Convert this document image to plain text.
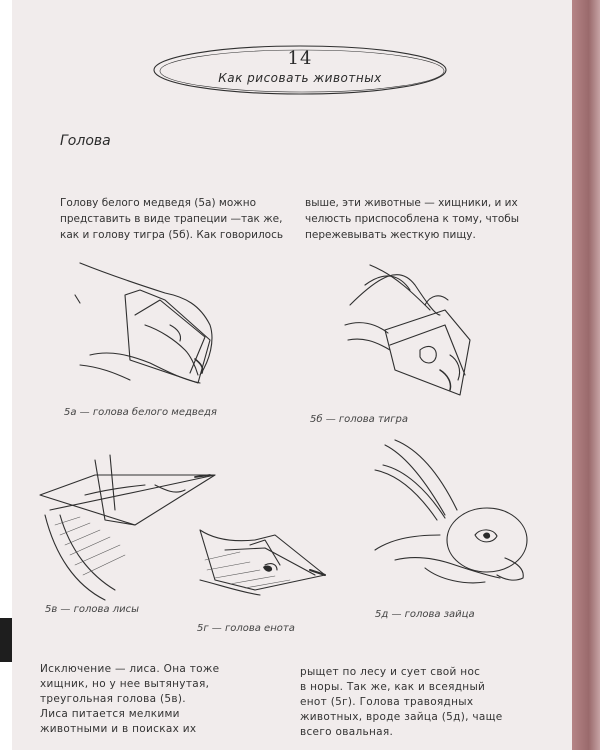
14
Как рисовать животных
Голова
Голову белого медведя (5а) можно
представить в виде трапеции —так же,
как и голову тигра (5б). Как говорилось
выше, эти животные — хищники, и их
челюсть приспособлена к тому, чтобы
пережевывать жесткую пищу.
5а — голова белого медведя
5б — голова тигра
5в — голова лисы
5г — голова енота
5д — голова зайца
Исключение — лиса. Она тоже
хищник, но у нее вытянутая,
треугольная голова (5в).
Лиса питается мелкими
животными и в поисках их
рыщет по лесу и сует свой нос
в норы. Так же, как и всеядный
енот (5г). Голова травоядных
животных, вроде зайца (5д), чаще
всего овальная.
